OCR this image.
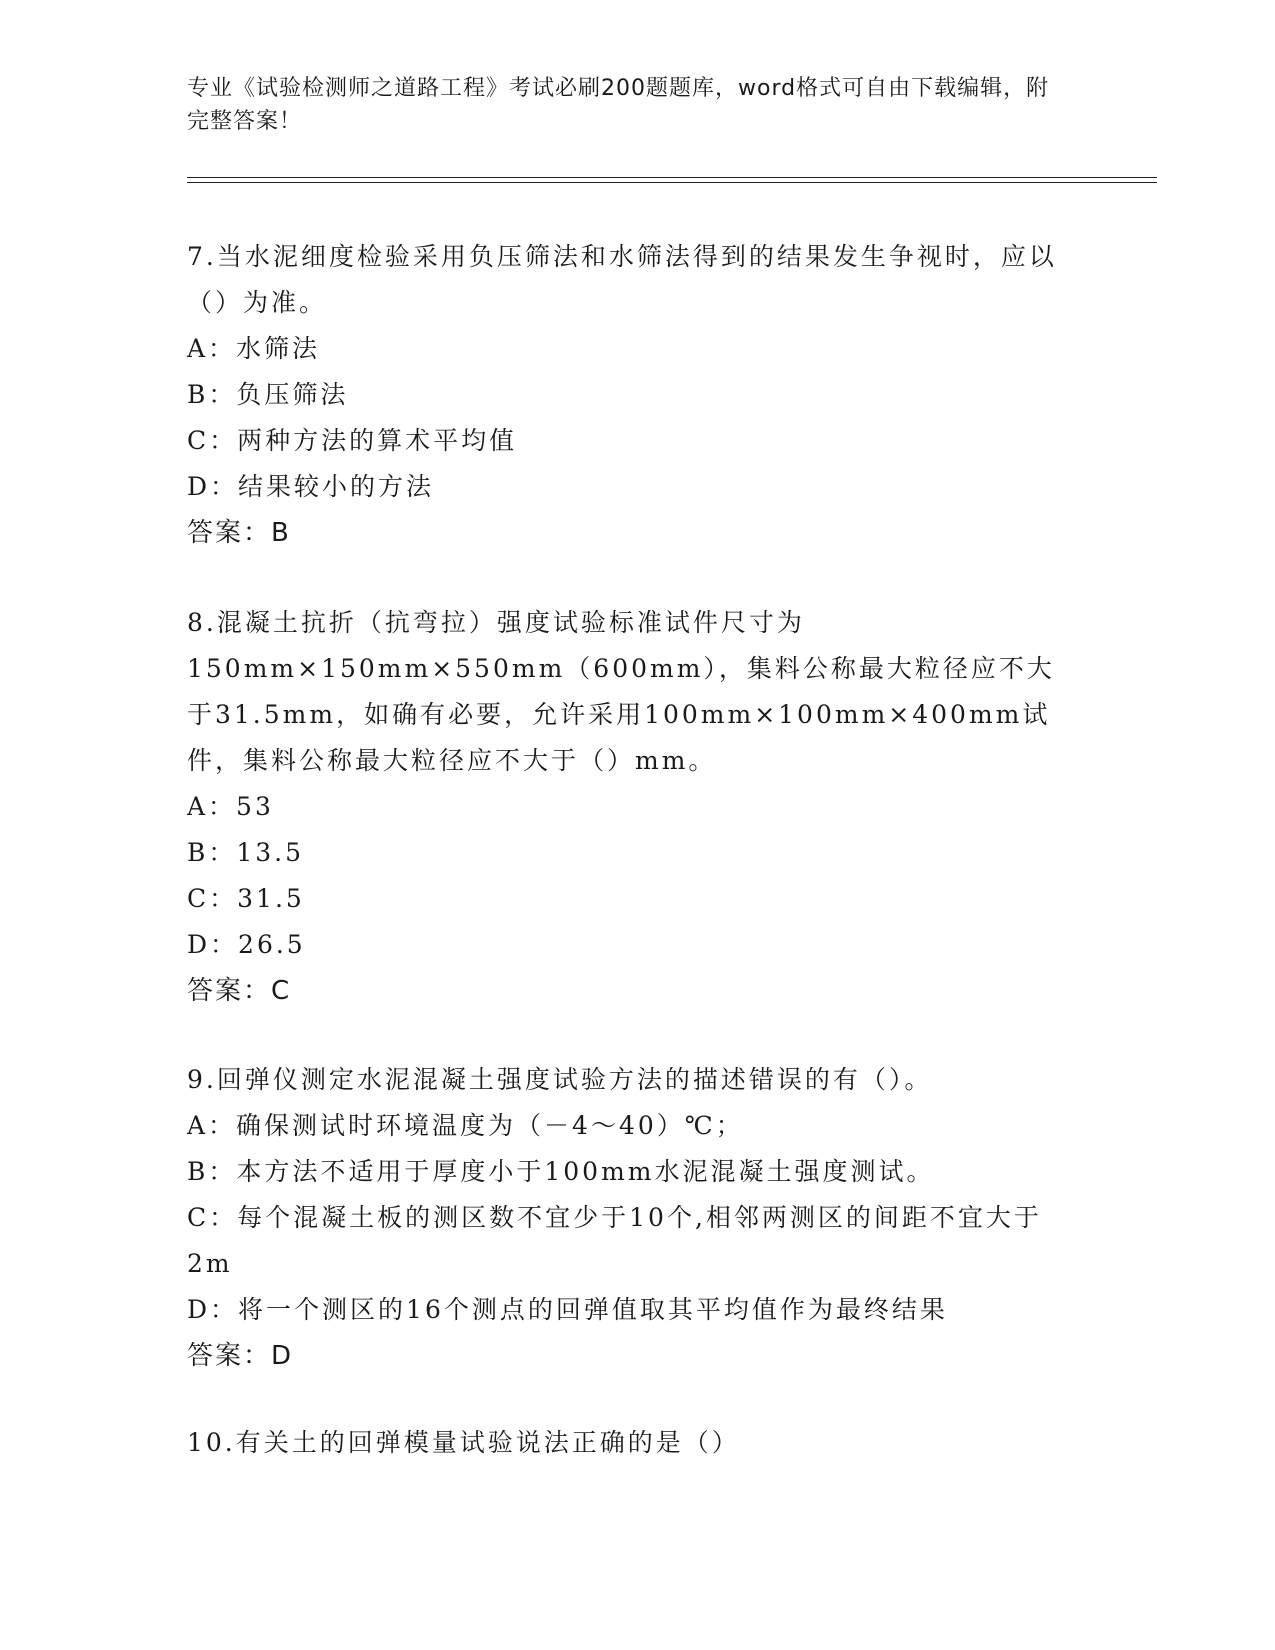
专业《试验检测师之道路工程》考试必刷200题题库，word格式可自由下载编辑，附完整答案！

7.当水泥细度检验采用负压筛法和水筛法得到的结果发生争视时，应以（）为准。

A：水筛法

B：负压筛法

C：两种方法的算术平均值

D：结果较小的方法

答案：B

8.混凝土抗折（抗弯拉）强度试验标准试件尺寸为150mm×150mm×550mm（600mm），集料公称最大粒径应不大于31.5mm，如确有必要，允许采用100mm×100mm×400mm试件，集料公称最大粒径应不大于（）mm。

A：53

B：13.5

C：31.5

D：26.5

答案：C

9.回弹仪测定水泥混凝土强度试验方法的描述错误的有（）。

A：确保测试时环境温度为（－4～40）℃；

B：本方法不适用于厚度小于100mm水泥混凝土强度测试。

C：每个混凝土板的测区数不宜少于10个,相邻两测区的间距不宜大于2m

D：将一个测区的16个测点的回弹值取其平均值作为最终结果

答案：D

10.有关土的回弹模量试验说法正确的是（）
